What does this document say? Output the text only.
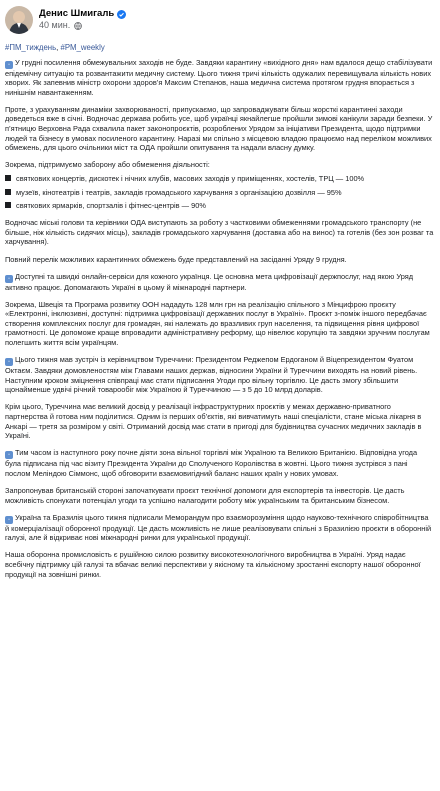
Денис Шмигаль
40 мин.
#ПМ_тиждень, #PM_weekly

▫ У грудні посилення обмежувальних заходів не буде. Завдяки карантину «вихідного дня» нам вдалося дещо стабілізувати епідемічну ситуацію та розвантажити медичну систему. Цього тижня тричі кількість одужалих перевищувала кількість нових хворих. Як запевнив міністр охорони здоров’я Максим Степанов, наша медична система протягом грудня впорається з нинішнім навантаженням.

Проте, з урахуванням динаміки захворюваності, припускаємо, що запроваджувати більш жорсткі карантинні заходи доведеться вже в січні. Водночас держава робить усе, щоб українці якнайлегше пройшли зимові канікули заради безпеки. У п’ятницю Верховна Рада схвалила пакет законопроєктів, розроблених Урядом за ініціативи Президента, щодо підтримки людей та бізнесу в умовах посиленого карантину. Наразі ми спільно з місцевою владою працюємо над переліком можливих обмежень, для цього очільники міст та ОДА пройшли опитування та надали власну думку.

Зокрема, підтримуємо заборону або обмеження діяльності:

святкових концертів, дискотек і нічних клубів, масових заходів у приміщеннях, хостелів, ТРЦ — 100%
музеїв, кінотеатрів і театрів, закладів громадського харчування з організацією дозвілля — 95%
святкових ярмарків, спортзалів і фітнес-центрів — 90%

Водночас міські голови та керівники ОДА виступають за роботу з частковими обмеженнями громадського транспорту (не більше, ніж кількість сидячих місць), закладів громадського харчування (доставка або на винос) та готелів (без зон розваг та харчування).

Повний перелік можливих карантинних обмежень буде представлений на засіданні Уряду 9 грудня.

▫ Доступні та швидкі онлайн-сервіси для кожного українця. Це основна мета цифровізації держпослуг, над якою Уряд активно працює. Допомагають Україні в цьому й міжнародні партнери.

Зокрема, Швеція та Програма розвитку ООН нададуть 128 млн грн на реалізацію спільного з Мінцифрою проєкту «Електронні, інклюзивні, доступні: підтримка цифровізації державних послуг в Україні». Проєкт з-поміж іншого передбачає створення комплексних послуг для громадян, які належать до вразливих груп населення, та підвищення рівня цифрової грамотності. Це допоможе краще впровадити адміністративну реформу, що нівелює корупцію та завдяки зручним послугам полегшить життя всім українцям.

▫ Цього тижня мав зустріч із керівництвом Туреччини: Президентом Реджепом Ердоганом й Віцепрезидентом Фуатом Октаєм. Завдяки домовленостям між Главами наших держав, відносини України й Туреччини виходять на новий рівень. Наступним кроком зміцнення співпраці має стати підписання Угоди про вільну торгівлю. Це дасть змогу збільшити щонайменше удвічі річний товарообіг між Україною й Туреччиною — з 5 до 10 млрд доларів.

Крім цього, Туреччина має великий досвід у реалізації інфраструктурних проєктів у межах державно-приватного партнерства й готова ним поділитися. Одним із перших об’єктів, які вивчатимуть наші спеціалісти, стане міська лікарня в Анкарі — третя за розміром у світі. Отриманий досвід має стати в пригоді для будівництва сучасних медичних закладів в Україні.

▫ Тим часом із наступного року почне діяти зона вільної торгівлі між Україною та Великою Британією. Відповідна угода була підписана під час візиту Президента України до Сполученого Королівства в жовтні. Цього тижня зустрівся з пані послом Меліндою Сіммонс, щоб обговорити взаємовигідний баланс наших країн у нових умовах.

Запропонував британській стороні започаткувати проєкт технічної допомоги для експортерів та інвесторів. Це дасть можливість спонукати потенціал угоди та успішно налагодити роботу між українським та британським бізнесом.

▫ Україна та Бразилія цього тижня підписали Меморандум про взаєморозуміння щодо науково-технічного співробітництва й комерціалізації оборонної продукції. Це дасть можливість не лише реалізовувати спільні з Бразилією проєкти в оборонній галузі, але й відкриває нові міжнародні ринки для української продукції.

Наша оборонна промисловість є рушійною силою розвитку високотехнологічного виробництва в Україні. Уряд надає всебічну підтримку цій галузі та вбачає великі перспективи у якісному та кількісному зростанні експорту нашої оборонної продукції на зовнішні ринки.
